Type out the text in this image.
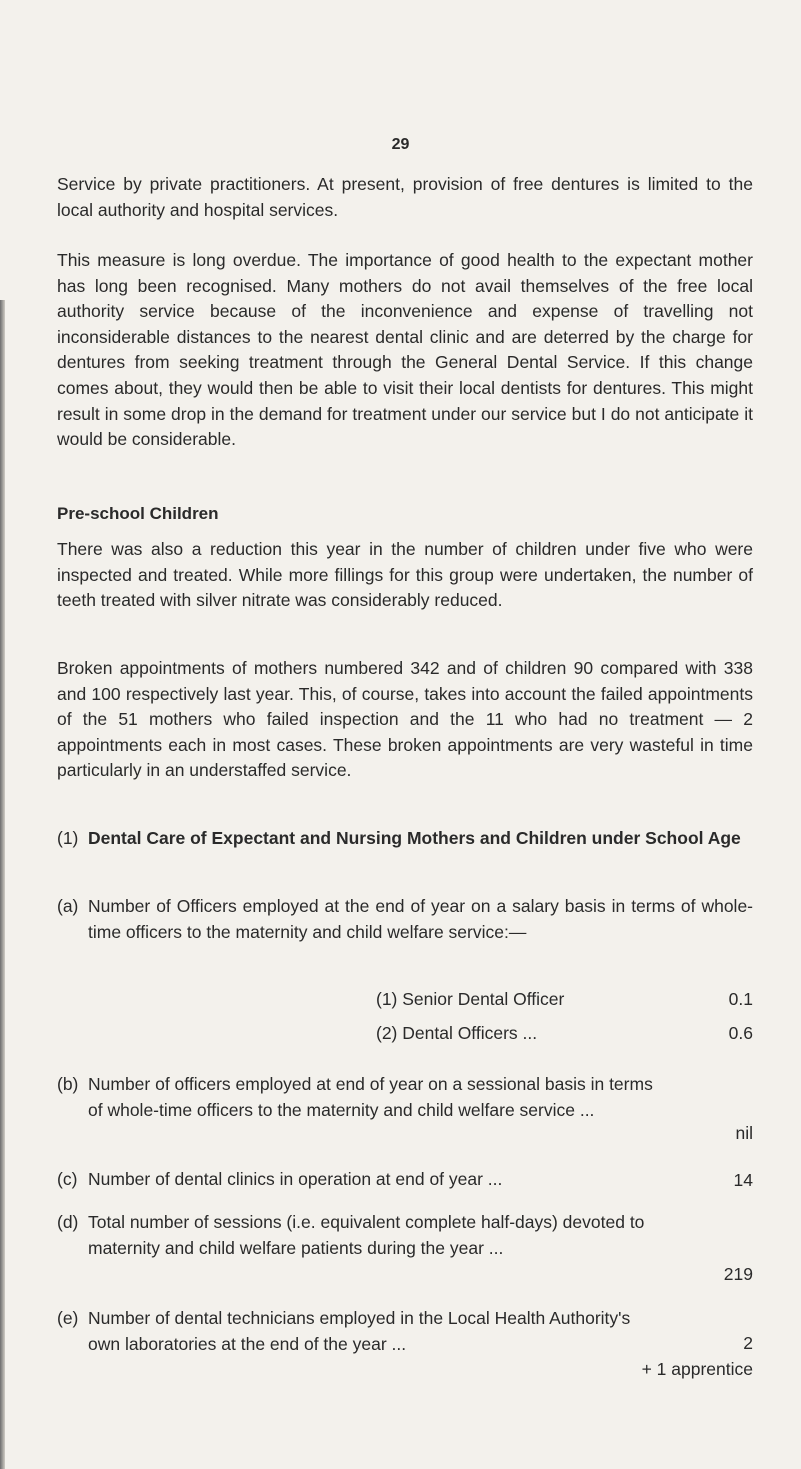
29

Service by private practitioners. At present, provision of free dentures is limited to the local authority and hospital services.

This measure is long overdue. The importance of good health to the expectant mother has long been recognised. Many mothers do not avail themselves of the free local authority service because of the inconvenience and expense of travelling not inconsiderable distances to the nearest dental clinic and are deterred by the charge for dentures from seeking treatment through the General Dental Service. If this change comes about, they would then be able to visit their local dentists for dentures. This might result in some drop in the demand for treatment under our service but I do not anticipate it would be considerable.

Pre-school Children

There was also a reduction this year in the number of children under five who were inspected and treated. While more fillings for this group were undertaken, the number of teeth treated with silver nitrate was considerably reduced.

Broken appointments of mothers numbered 342 and of children 90 compared with 338 and 100 respectively last year. This, of course, takes into account the failed appointments of the 51 mothers who failed inspection and the 11 who had no treatment — 2 appointments each in most cases. These broken appointments are very wasteful in time particularly in an understaffed service.

(1) Dental Care of Expectant and Nursing Mothers and Children under School Age
(a) Number of Officers employed at the end of year on a salary basis in terms of whole-time officers to the maternity and child welfare service:—
(1) Senior Dental Officer	0.1
(2) Dental Officers ...	0.6
(b) Number of officers employed at end of year on a sessional basis in terms of whole-time officers to the maternity and child welfare service ...
nil
(c) Number of dental clinics in operation at end of year ...	14
(d) Total number of sessions (i.e. equivalent complete half-days) devoted to maternity and child welfare patients during the year ...
219
(e) Number of dental technicians employed in the Local Health Authority's own laboratories at the end of the year ...	2
+ 1 apprentice
